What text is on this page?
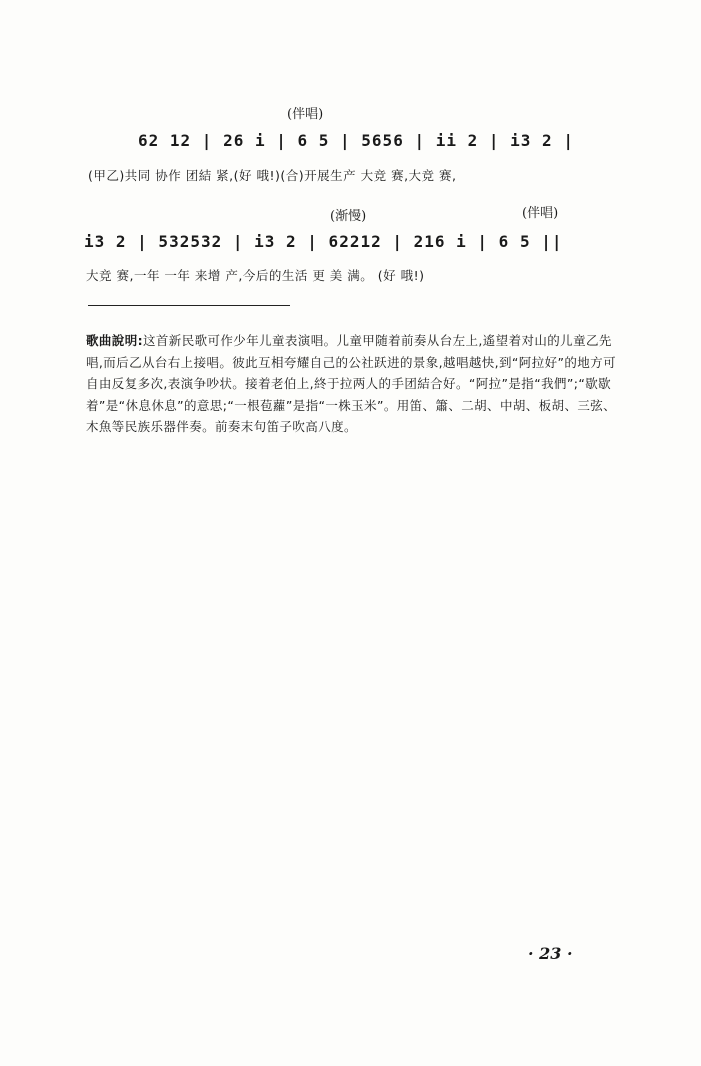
(伴唱)
62 12 | 26 i | 6 5 | 5656 | ii 2 | i3 2 |
(甲乙)共同 协作 团結 紧,(好 哦!)(合)开展生产 大竞 赛,大竞 赛,
(渐慢)	(伴唱)
i3 2 | 532532 | i3 2 | 62212 | 216 i | 6 5 ||
大竞 赛,一年 一年 来增 产,今后的生活 更 美 满。 (好 哦!)
歌曲說明:这首新民歌可作少年儿童表演唱。儿童甲随着前奏从台左上,遙望着对山的儿童乙先唱,而后乙从台右上接唱。彼此互相夸耀自己的公社跃进的景象,越唱越快,到“阿拉好”的地方可自由反复多次,表演争吵状。接着老伯上,終于拉两人的手团結合好。“阿拉”是指“我們”;“歇歇着”是“休息休息”的意思;“一根苞蘿”是指“一株玉米”。用笛、簫、二胡、中胡、板胡、三弦、木魚等民族乐器伴奏。前奏末句笛子吹高八度。
· 23 ·
